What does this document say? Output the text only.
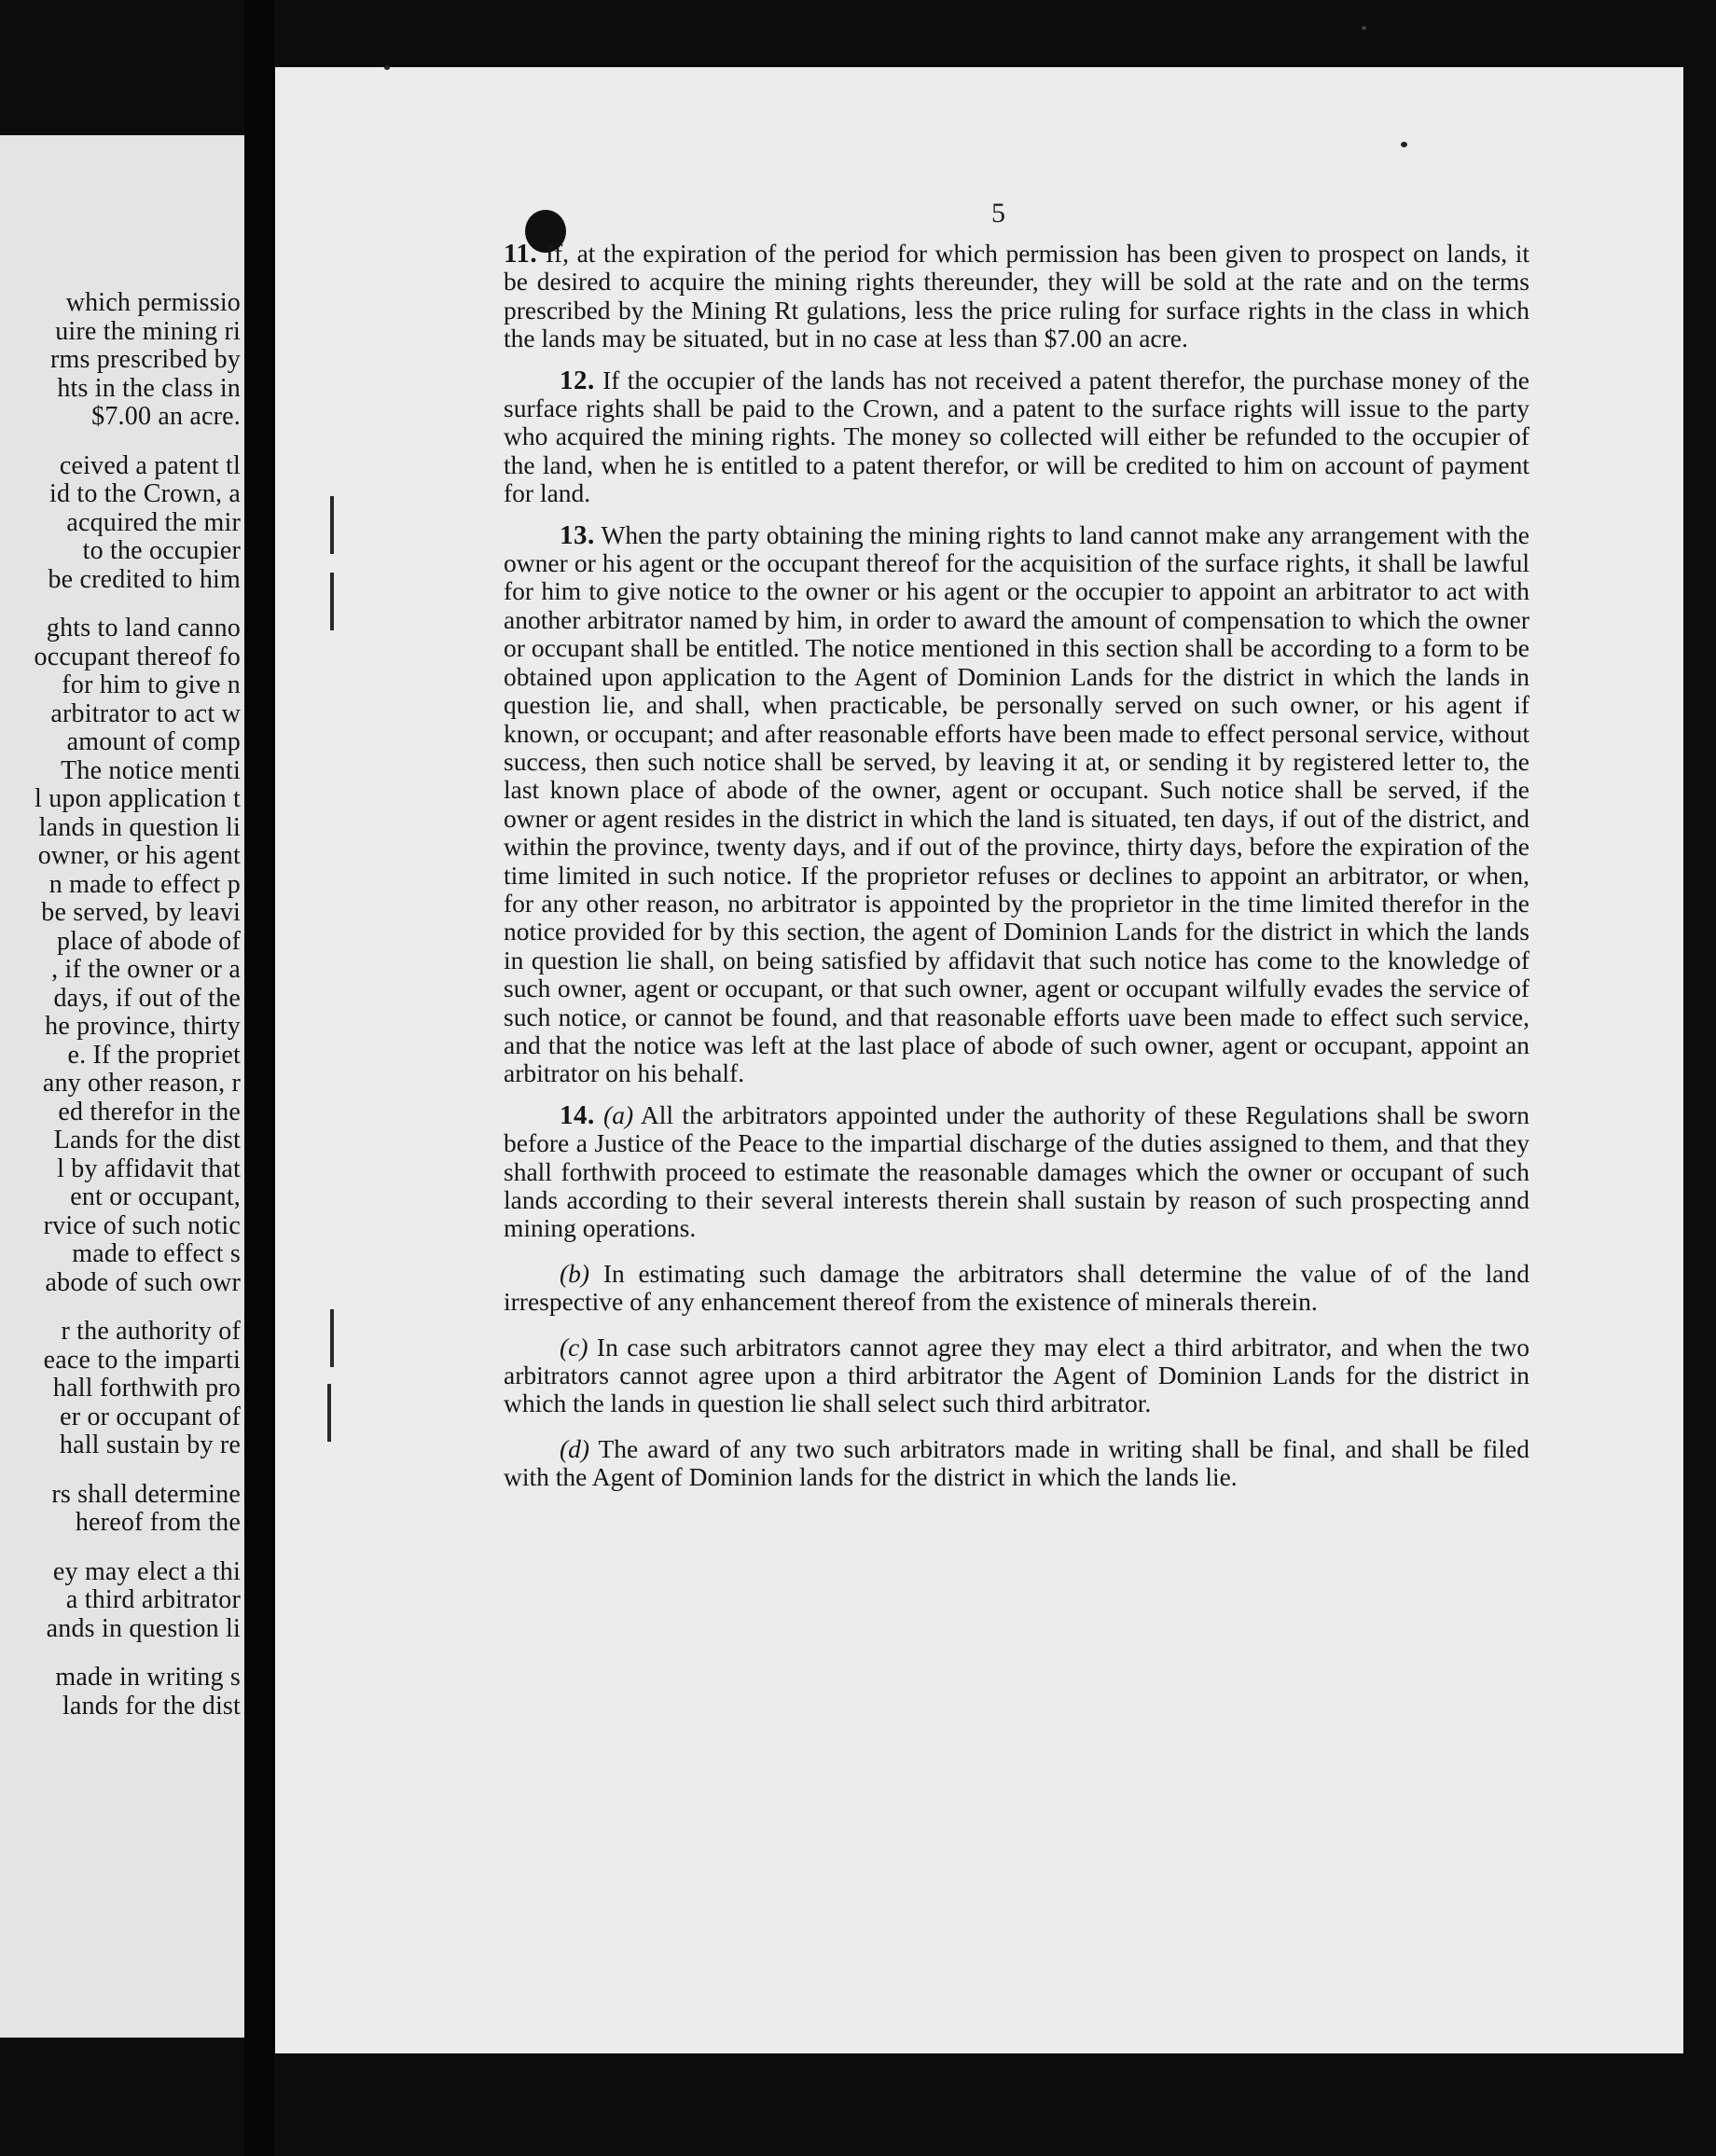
which permissio
uire the mining ri
rms prescribed by
hts in the class in
$7.00 an acre.
ceived a patent tl
id to the Crown, a
acquired the mir
to the occupier
be credited to him
ghts to land canno
occupant thereof fo
for him to give n
arbitrator to act w
amount of comp
The notice menti
l upon application t
lands in question li
owner, or his agent
n made to effect p
be served, by leavi
place of abode of
, if the owner or a
days, if out of the
he province, thirty
e. If the propriet
any other reason, r
ed therefor in the
Lands for the dist
l by affidavit that
ent or occupant,
rvice of such notic
made to effect s
abode of such owr
r the authority of
eace to the imparti
hall forthwith pro
er or occupant of
hall sustain by re
rs shall determine
hereof from the
ey may elect a thi
a third arbitrator
ands in question li
made in writing s
lands for the dist
5

11. If, at the expiration of the period for which permission has been given to prospect on lands, it be desired to acquire the mining rights thereunder, they will be sold at the rate and on the terms prescribed by the Mining Rt gulations, less the price ruling for surface rights in the class in which the lands may be situated, but in no case at less than $7.00 an acre.

12. If the occupier of the lands has not received a patent therefor, the purchase money of the surface rights shall be paid to the Crown, and a patent to the surface rights will issue to the party who acquired the mining rights. The money so collected will either be refunded to the occupier of the land, when he is entitled to a patent therefor, or will be credited to him on account of payment for land.

13. When the party obtaining the mining rights to land cannot make any arrangement with the owner or his agent or the occupant thereof for the acquisition of the surface rights, it shall be lawful for him to give notice to the owner or his agent or the occupier to appoint an arbitrator to act with another arbitrator named by him, in order to award the amount of compensation to which the owner or occupant shall be entitled. The notice mentioned in this section shall be according to a form to be obtained upon application to the Agent of Dominion Lands for the district in which the lands in question lie, and shall, when practicable, be personally served on such owner, or his agent if known, or occupant; and after reasonable efforts have been made to effect personal service, without success, then such notice shall be served, by leaving it at, or sending it by registered letter to, the last known place of abode of the owner, agent or occupant. Such notice shall be served, if the owner or agent resides in the district in which the land is situated, ten days, if out of the district, and within the province, twenty days, and if out of the province, thirty days, before the expiration of the time limited in such notice. If the proprietor refuses or declines to appoint an arbitrator, or when, for any other reason, no arbitrator is appointed by the proprietor in the time limited therefor in the notice provided for by this section, the agent of Dominion Lands for the district in which the lands in question lie shall, on being satisfied by affidavit that such notice has come to the knowledge of such owner, agent or occupant, or that such owner, agent or occupant wilfully evades the service of such notice, or cannot be found, and that reasonable efforts uave been made to effect such service, and that the notice was left at the last place of abode of such owner, agent or occupant, appoint an arbitrator on his behalf.

14. (a) All the arbitrators appointed under the authority of these Regulations shall be sworn before a Justice of the Peace to the impartial discharge of the duties assigned to them, and that they shall forthwith proceed to estimate the reasonable damages which the owner or occupant of such lands according to their several interests therein shall sustain by reason of such prospecting annd mining operations.

(b) In estimating such damage the arbitrators shall determine the value of of the land irrespective of any enhancement thereof from the existence of minerals therein.

(c) In case such arbitrators cannot agree they may elect a third arbitrator, and when the two arbitrators cannot agree upon a third arbitrator the Agent of Dominion Lands for the district in which the lands in question lie shall select such third arbitrator.

(d) The award of any two such arbitrators made in writing shall be final, and shall be filed with the Agent of Dominion lands for the district in which the lands lie.
